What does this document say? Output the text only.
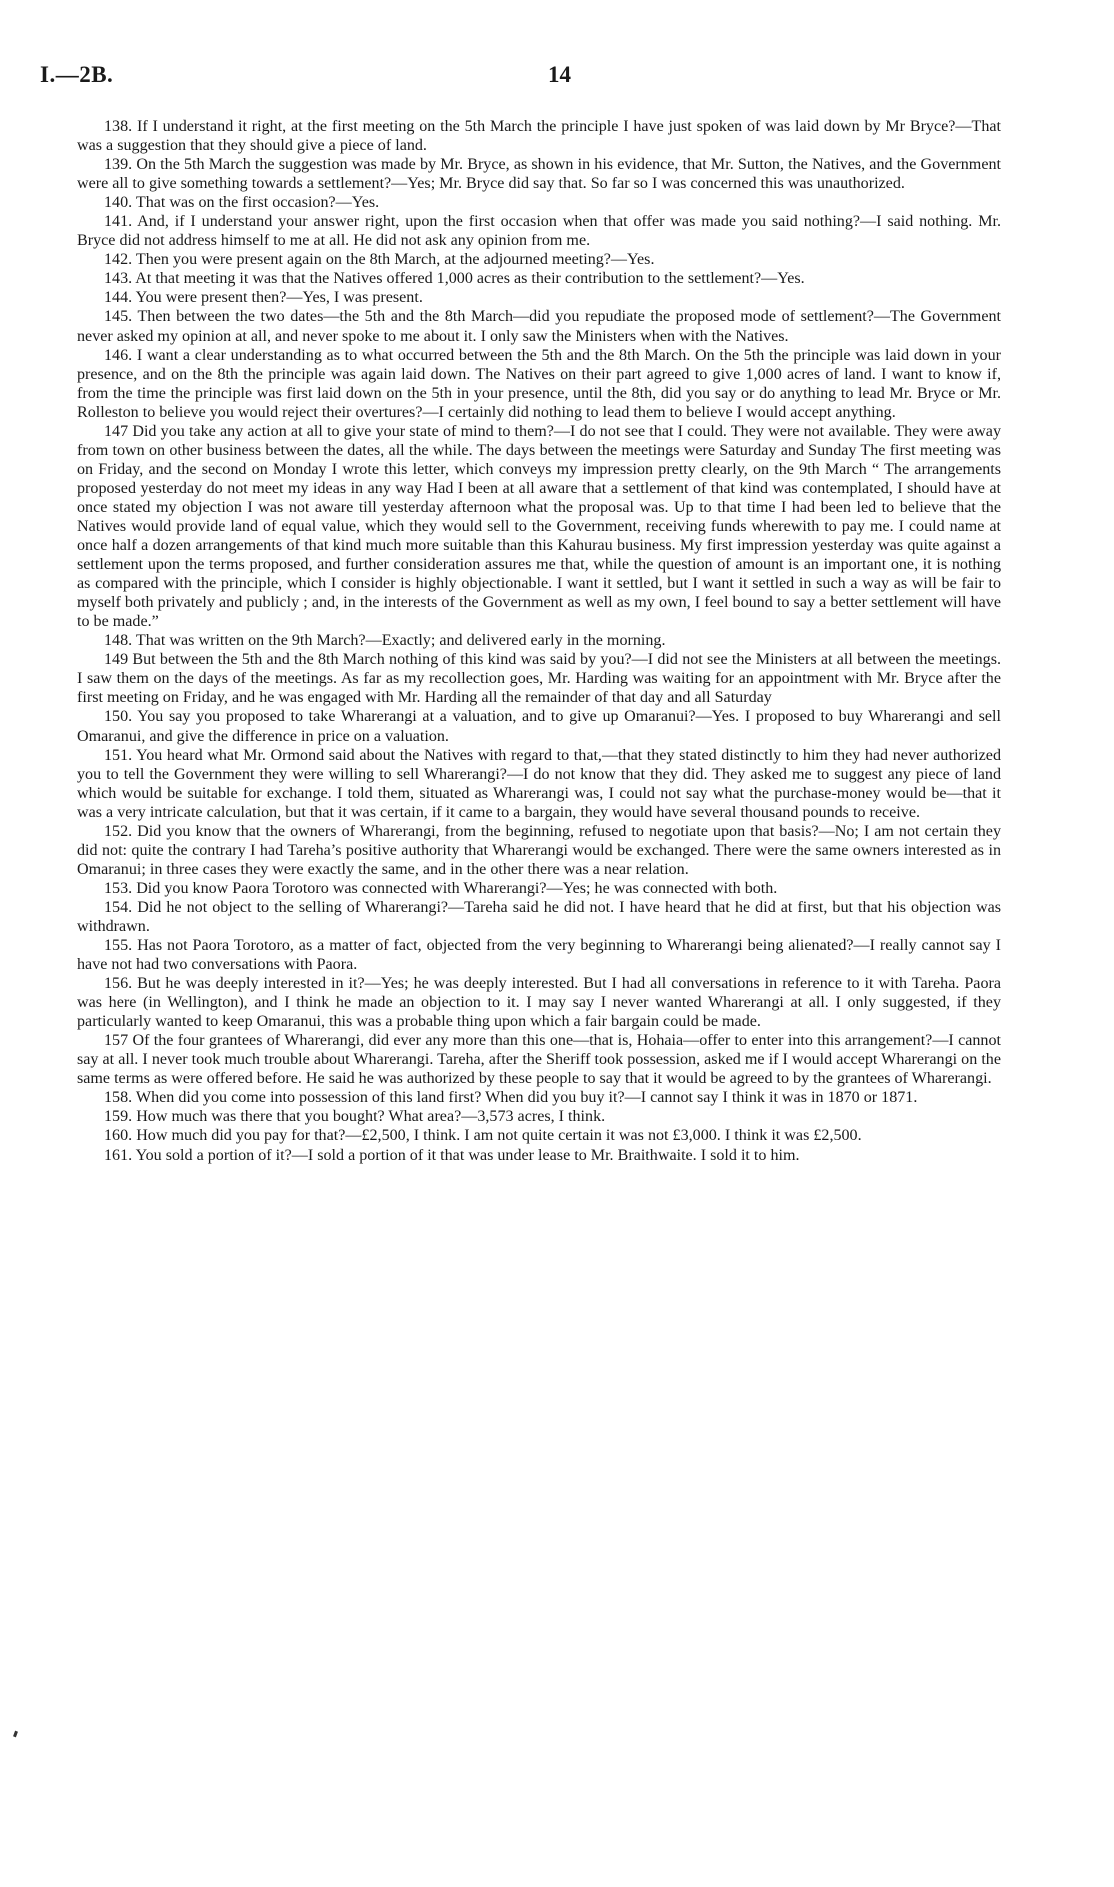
I.—2B.	14

138. If I understand it right, at the first meeting on the 5th March the principle I have just spoken of was laid down by Mr Bryce?—That was a suggestion that they should give a piece of land.

139. On the 5th March the suggestion was made by Mr. Bryce, as shown in his evidence, that Mr. Sutton, the Natives, and the Government were all to give something towards a settlement?—Yes; Mr. Bryce did say that. So far so I was concerned this was unauthorized.

140. That was on the first occasion?—Yes.

141. And, if I understand your answer right, upon the first occasion when that offer was made you said nothing?—I said nothing. Mr. Bryce did not address himself to me at all. He did not ask any opinion from me.

142. Then you were present again on the 8th March, at the adjourned meeting?—Yes.

143. At that meeting it was that the Natives offered 1,000 acres as their contribution to the settlement?—Yes.

144. You were present then?—Yes, I was present.

145. Then between the two dates—the 5th and the 8th March—did you repudiate the proposed mode of settlement?—The Government never asked my opinion at all, and never spoke to me about it. I only saw the Ministers when with the Natives.

146. I want a clear understanding as to what occurred between the 5th and the 8th March. On the 5th the principle was laid down in your presence, and on the 8th the principle was again laid down. The Natives on their part agreed to give 1,000 acres of land. I want to know if, from the time the principle was first laid down on the 5th in your presence, until the 8th, did you say or do anything to lead Mr. Bryce or Mr. Rolleston to believe you would reject their overtures?—I certainly did nothing to lead them to believe I would accept anything.

147 Did you take any action at all to give your state of mind to them?—I do not see that I could. They were not available. They were away from town on other business between the dates, all the while. The days between the meetings were Saturday and Sunday The first meeting was on Friday, and the second on Monday I wrote this letter, which conveys my impression pretty clearly, on the 9th March “ The arrangements proposed yesterday do not meet my ideas in any way Had I been at all aware that a settlement of that kind was contemplated, I should have at once stated my objection I was not aware till yesterday afternoon what the proposal was. Up to that time I had been led to believe that the Natives would provide land of equal value, which they would sell to the Government, receiving funds wherewith to pay me. I could name at once half a dozen arrangements of that kind much more suitable than this Kahurau business. My first impression yesterday was quite against a settlement upon the terms proposed, and further consideration assures me that, while the question of amount is an important one, it is nothing as compared with the principle, which I consider is highly objectionable. I want it settled, but I want it settled in such a way as will be fair to myself both privately and publicly ; and, in the interests of the Government as well as my own, I feel bound to say a better settlement will have to be made.”

148. That was written on the 9th March?—Exactly; and delivered early in the morning.

149 But between the 5th and the 8th March nothing of this kind was said by you?—I did not see the Ministers at all between the meetings. I saw them on the days of the meetings. As far as my recollection goes, Mr. Harding was waiting for an appointment with Mr. Bryce after the first meeting on Friday, and he was engaged with Mr. Harding all the remainder of that day and all Saturday

150. You say you proposed to take Wharerangi at a valuation, and to give up Omaranui?—Yes. I proposed to buy Wharerangi and sell Omaranui, and give the difference in price on a valuation.

151. You heard what Mr. Ormond said about the Natives with regard to that,—that they stated distinctly to him they had never authorized you to tell the Government they were willing to sell Wharerangi?—I do not know that they did. They asked me to suggest any piece of land which would be suitable for exchange. I told them, situated as Wharerangi was, I could not say what the purchase-money would be—that it was a very intricate calculation, but that it was certain, if it came to a bargain, they would have several thousand pounds to receive.

152. Did you know that the owners of Wharerangi, from the beginning, refused to negotiate upon that basis?—No; I am not certain they did not: quite the contrary I had Tareha’s positive authority that Wharerangi would be exchanged. There were the same owners interested as in Omaranui; in three cases they were exactly the same, and in the other there was a near relation.

153. Did you know Paora Torotoro was connected with Wharerangi?—Yes; he was connected with both.

154. Did he not object to the selling of Wharerangi?—Tareha said he did not. I have heard that he did at first, but that his objection was withdrawn.

155. Has not Paora Torotoro, as a matter of fact, objected from the very beginning to Wharerangi being alienated?—I really cannot say I have not had two conversations with Paora.

156. But he was deeply interested in it?—Yes; he was deeply interested. But I had all conversations in reference to it with Tareha. Paora was here (in Wellington), and I think he made an objection to it. I may say I never wanted Wharerangi at all. I only suggested, if they particularly wanted to keep Omaranui, this was a probable thing upon which a fair bargain could be made.

157 Of the four grantees of Wharerangi, did ever any more than this one—that is, Hohaia—offer to enter into this arrangement?—I cannot say at all. I never took much trouble about Wharerangi. Tareha, after the Sheriff took possession, asked me if I would accept Wharerangi on the same terms as were offered before. He said he was authorized by these people to say that it would be agreed to by the grantees of Wharerangi.

158. When did you come into possession of this land first? When did you buy it?—I cannot say I think it was in 1870 or 1871.

159. How much was there that you bought? What area?—3,573 acres, I think.

160. How much did you pay for that?—£2,500, I think. I am not quite certain it was not £3,000. I think it was £2,500.

161. You sold a portion of it?—I sold a portion of it that was under lease to Mr. Braithwaite. I sold it to him.
